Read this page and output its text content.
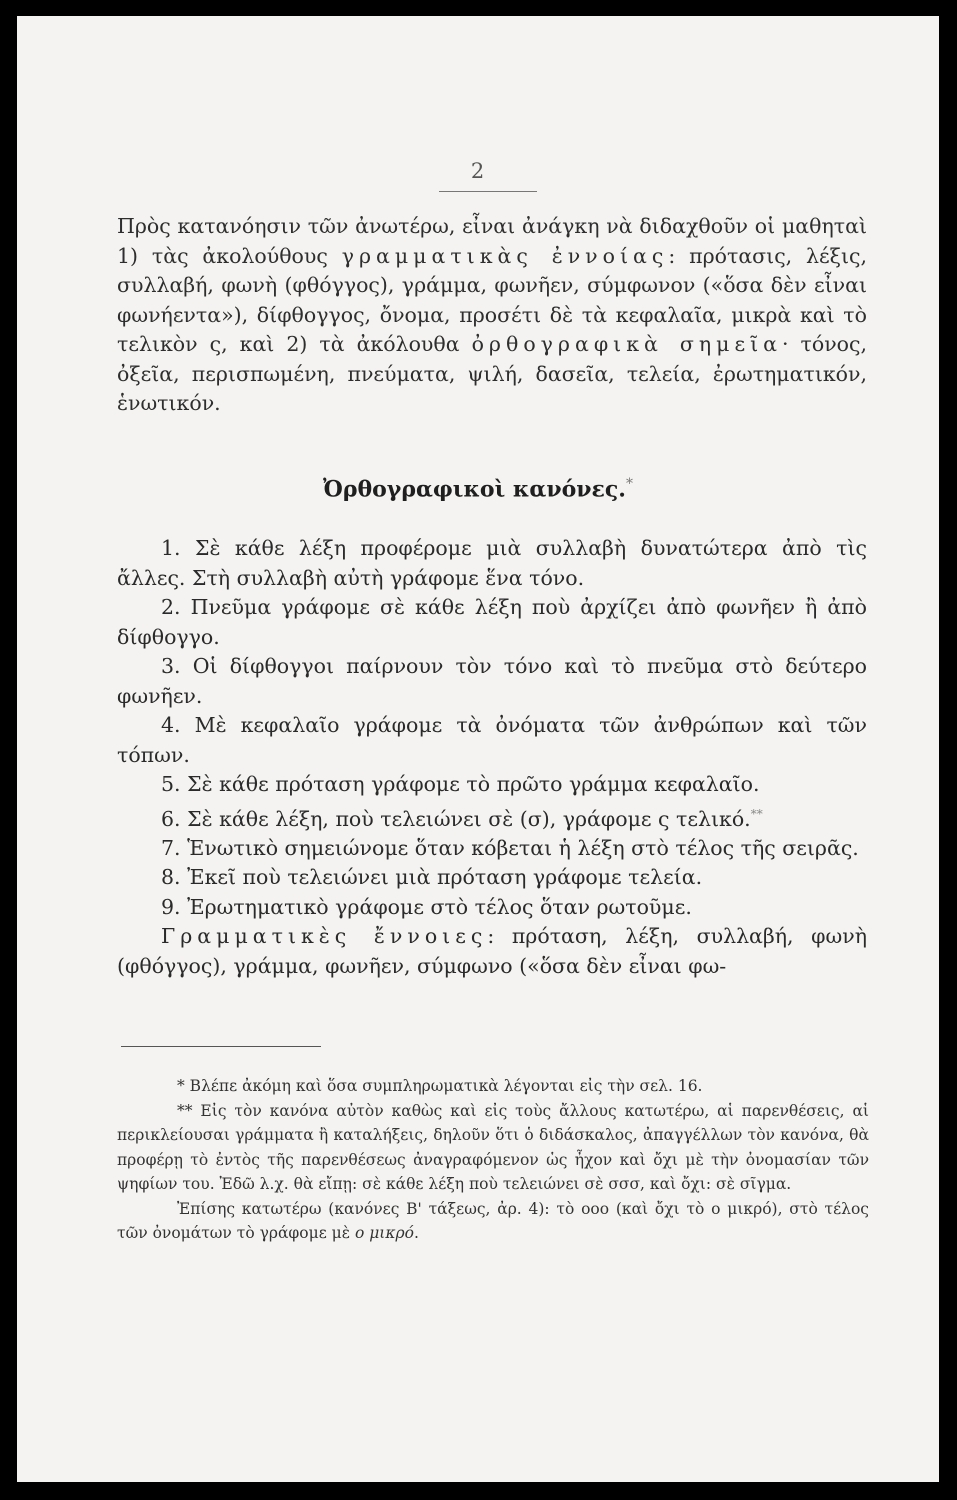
2

Πρὸς κατανόησιν τῶν ἀνωτέρω, εἶναι ἀνάγκη νὰ διδαχθοῦν οἱ μαθηταὶ 1) τὰς ἀκολούθους γραμματικὰς ἐννοίας: πρότασις, λέξις, συλλαβή, φωνὴ (φθόγγος), γράμμα, φωνῆεν, σύμφωνον («ὅσα δὲν εἶναι φωνήεντα»), δίφθογγος, ὄνομα, προσέτι δὲ τὰ κεφαλαῖα, μικρὰ καὶ τὸ τελικὸν ς, καὶ 2) τὰ ἀκόλουθα ὀρθογραφικὰ σημεῖα· τόνος, ὀξεῖα, περισπωμένη, πνεύματα, ψιλή, δασεῖα, τελεία, ἐρωτηματικόν, ἑνωτικόν.

Ὀρθογραφικοὶ κανόνες.*

1. Σὲ κάθε λέξη προφέρομε μιὰ συλλαβὴ δυνατώτερα ἀπὸ τὶς ἄλλες. Στὴ συλλαβὴ αὐτὴ γράφομε ἕνα τόνο.

2. Πνεῦμα γράφομε σὲ κάθε λέξη ποὺ ἀρχίζει ἀπὸ φωνῆεν ἢ ἀπὸ δίφθογγο.

3. Οἱ δίφθογγοι παίρνουν τὸν τόνο καὶ τὸ πνεῦμα στὸ δεύτερο φωνῆεν.

4. Μὲ κεφαλαῖο γράφομε τὰ ὀνόματα τῶν ἀνθρώπων καὶ τῶν τόπων.

5. Σὲ κάθε πρόταση γράφομε τὸ πρῶτο γράμμα κεφαλαῖο.

6. Σὲ κάθε λέξη, ποὺ τελειώνει σὲ (σ), γράφομε ς τελικό.**

7. Ἑνωτικὸ σημειώνομε ὅταν κόβεται ἡ λέξη στὸ τέλος τῆς σειρᾶς.

8. Ἐκεῖ ποὺ τελειώνει μιὰ πρόταση γράφομε τελεία.

9. Ἐρωτηματικὸ γράφομε στὸ τέλος ὅταν ρωτοῦμε.

Γραμματικὲς ἔννοιες: πρόταση, λέξη, συλλαβή, φωνὴ (φθόγγος), γράμμα, φωνῆεν, σύμφωνο («ὅσα δὲν εἶναι φω-

* Βλέπε ἀκόμη καὶ ὅσα συμπληρωματικὰ λέγονται εἰς τὴν σελ. 16.

** Εἰς τὸν κανόνα αὐτὸν καθὼς καὶ εἰς τοὺς ἄλλους κατωτέρω, αἱ παρενθέσεις, αἱ περικλείουσαι γράμματα ἢ καταλήξεις, δηλοῦν ὅτι ὁ διδάσκαλος, ἀπαγγέλλων τὸν κανόνα, θὰ προφέρῃ τὸ ἐντὸς τῆς παρενθέσεως ἀναγραφόμενον ὡς ἦχον καὶ ὄχι μὲ τὴν ὀνομασίαν τῶν ψηφίων του. Ἐδῶ λ.χ. θὰ εἴπῃ: σὲ κάθε λέξη ποὺ τελειώνει σὲ σσσ, καὶ ὄχι: σὲ σῖγμα.

Ἐπίσης κατωτέρω (κανόνες Β' τάξεως, ἀρ. 4): τὸ οοο (καὶ ὄχι τὸ ο μικρό), στὸ τέλος τῶν ὀνομάτων τὸ γράφομε μὲ ο μικρό.
